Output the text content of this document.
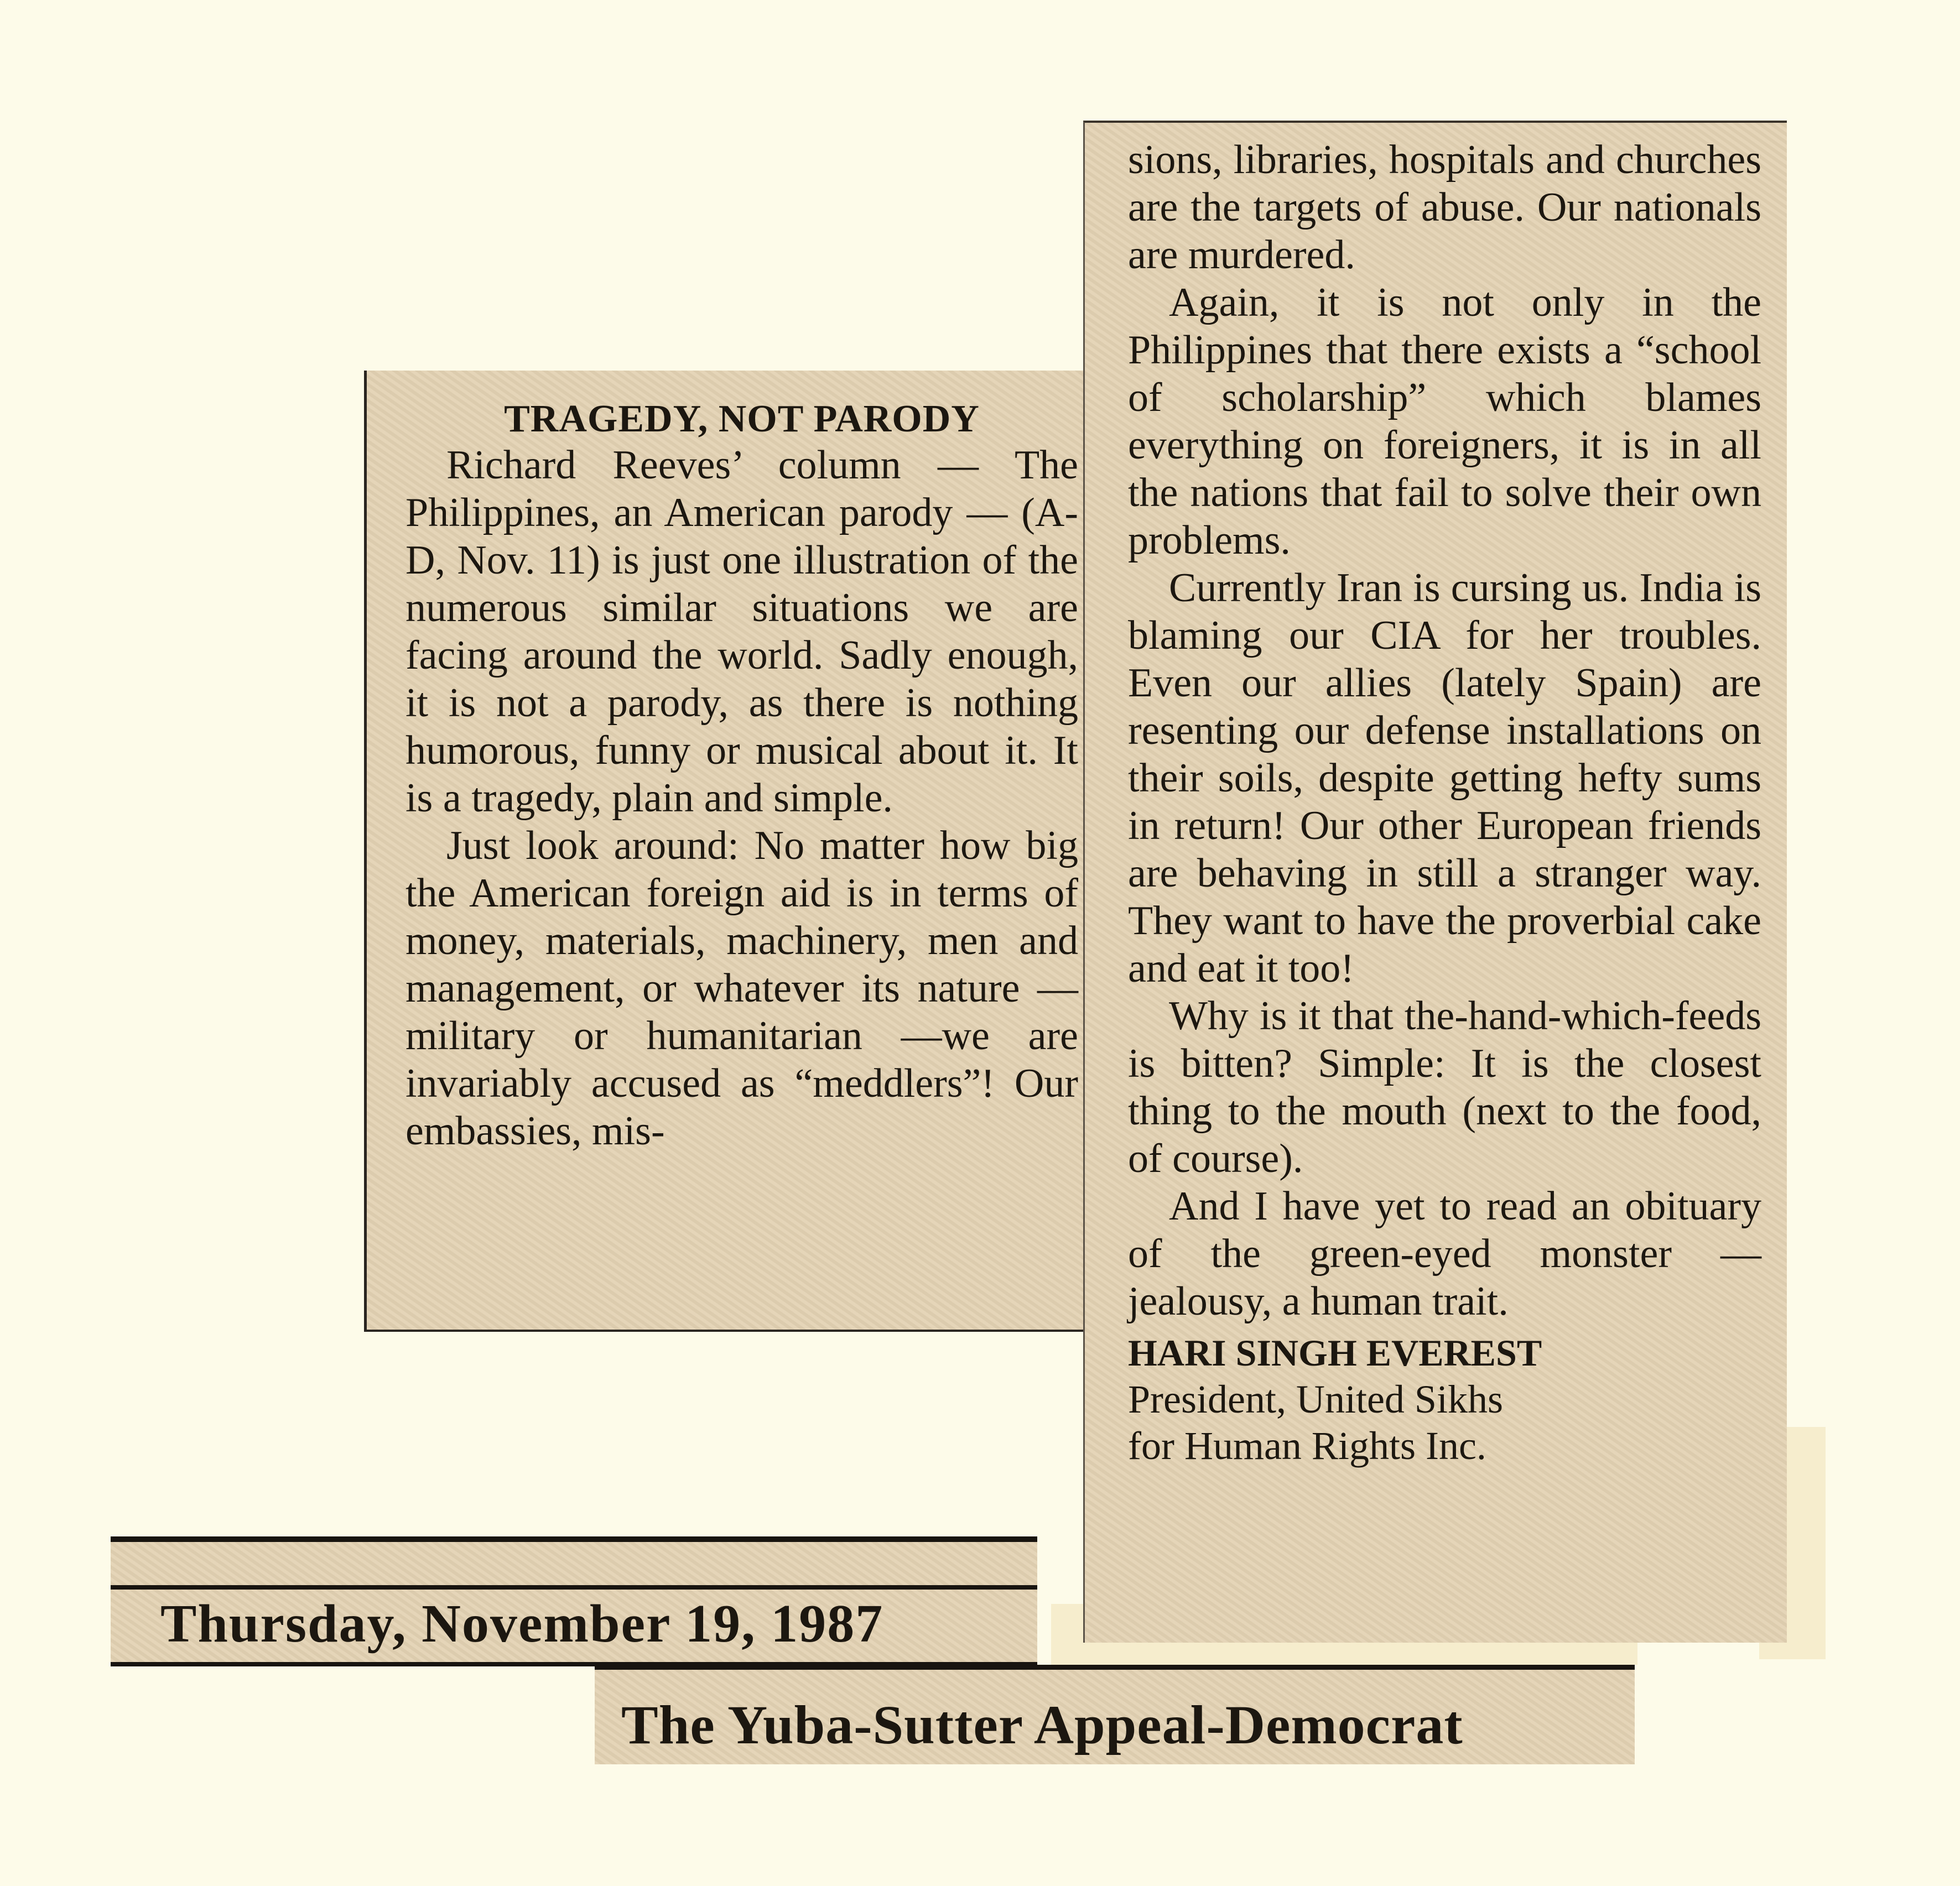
TRAGEDY, NOT PARODY

Richard Reeves’ column — The Philippines, an American parody — (A-D, Nov. 11) is just one illustration of the numerous similar situations we are facing around the world. Sadly enough, it is not a parody, as there is nothing humorous, funny or musical about it. It is a tragedy, plain and simple.

Just look around: No matter how big the American foreign aid is in terms of money, materials, machinery, men and management, or whatever its nature —military or humanitarian —we are invariably accused as “meddlers”! Our embassies, mis-

sions, libraries, hospitals and churches are the targets of abuse. Our nationals are murdered.

Again, it is not only in the Philippines that there exists a “school of scholarship” which blames everything on foreigners, it is in all the nations that fail to solve their own problems.

Currently Iran is cursing us. India is blaming our CIA for her troubles. Even our allies (lately Spain) are resenting our defense installations on their soils, despite getting hefty sums in return! Our other European friends are behaving in still a stranger way. They want to have the proverbial cake and eat it too!

Why is it that the-hand-which-feeds is bitten? Simple: It is the closest thing to the mouth (next to the food, of course).

And I have yet to read an obituary of the green-eyed monster — jealousy, a human trait.

HARI SINGH EVEREST

President, United Sikhs

for Human Rights Inc.

Thursday, November 19, 1987
The Yuba-Sutter Appeal-Democrat
